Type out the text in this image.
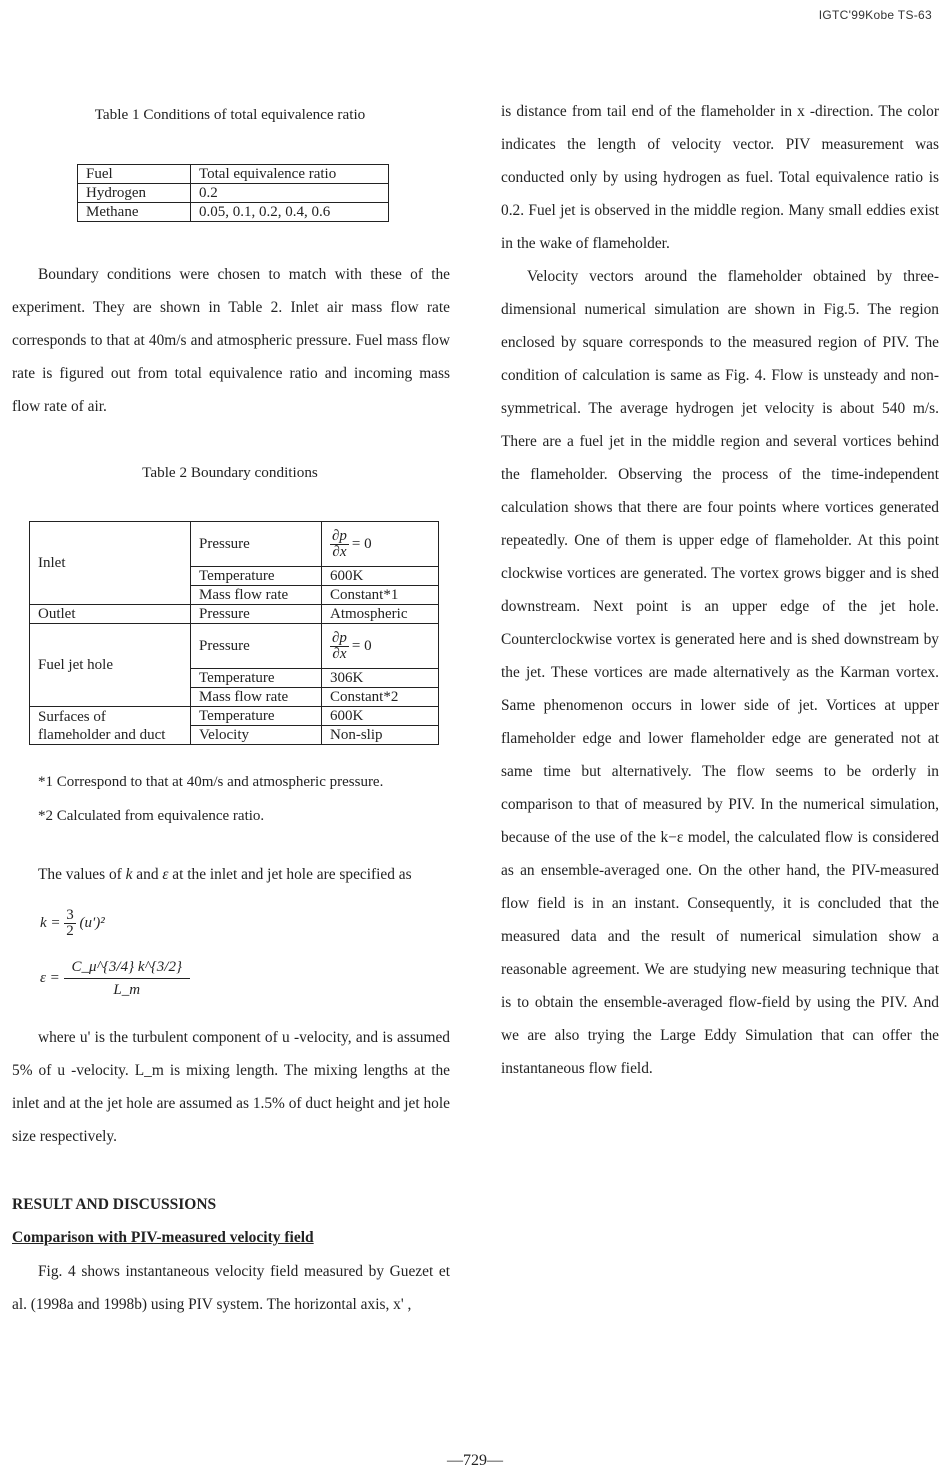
IGTC'99Kobe TS-63
Table 1 Conditions of total equivalence ratio
Fuel	Total equivalence ratio
Hydrogen	0.2
Methane	0.05, 0.1, 0.2, 0.4, 0.6

Boundary conditions were chosen to match with these of the experiment. They are shown in Table 2. Inlet air mass flow rate corresponds to that at 40m/s and atmospheric pressure. Fuel mass flow rate is figured out from total equivalence ratio and incoming mass flow rate of air.

Table 2 Boundary conditions
Inlet	Pressure	$\frac{\partial p}{\partial x} = 0$
	Temperature	600K
	Mass flow rate	Constant*1
Outlet	Pressure	Atmospheric
Fuel jet hole	Pressure	$\frac{\partial p}{\partial x} = 0$
	Temperature	306K
	Mass flow rate	Constant*2
Surfaces of flameholder and duct	Temperature	600K
	Velocity	Non-slip
*1 Correspond to that at 40m/s and atmospheric pressure.
*2 Calculated from equivalence ratio.

The values of k and ε at the inlet and jet hole are specified as

$k = \frac{3}{2} (u')^2$
$\varepsilon = \frac{C\_\mu\^{}\{3/4\} k\^{}\{3/2\}}{L\_m}$

where u' is the turbulent component of u -velocity, and is assumed 5% of u -velocity. L_m is mixing length. The mixing lengths at the inlet and at the jet hole are assumed as 1.5% of duct height and jet hole size respectively.

RESULT AND DISCUSSIONS
Comparison with PIV-measured velocity field

Fig. 4 shows instantaneous velocity field measured by Guezet et al. (1998a and 1998b) using PIV system. The horizontal axis, x' ,

is distance from tail end of the flameholder in x -direction. The color indicates the length of velocity vector. PIV measurement was conducted only by using hydrogen as fuel. Total equivalence ratio is 0.2. Fuel jet is observed in the middle region. Many small eddies exist in the wake of flameholder.

Velocity vectors around the flameholder obtained by three-dimensional numerical simulation are shown in Fig.5. The region enclosed by square corresponds to the measured region of PIV. The condition of calculation is same as Fig. 4. Flow is unsteady and non-symmetrical. The average hydrogen jet velocity is about 540 m/s. There are a fuel jet in the middle region and several vortices behind the flameholder. Observing the process of the time-independent calculation shows that there are four points where vortices generated repeatedly. One of them is upper edge of flameholder. At this point clockwise vortices are generated. The vortex grows bigger and is shed downstream. Next point is an upper edge of the jet hole. Counterclockwise vortex is generated here and is shed downstream by the jet. These vortices are made alternatively as the Karman vortex. Same phenomenon occurs in lower side of jet. Vortices at upper flameholder edge and lower flameholder edge are generated not at same time but alternatively. The flow seems to be orderly in comparison to that of measured by PIV. In the numerical simulation, because of the use of the k−ε model, the calculated flow is considered as an ensemble-averaged one. On the other hand, the PIV-measured flow field is in an instant. Consequently, it is concluded that the measured data and the result of numerical simulation show a reasonable agreement. We are studying new measuring technique that is to obtain the ensemble-averaged flow-field by using the PIV. And we are also trying the Large Eddy Simulation that can offer the instantaneous flow field.

—729—
